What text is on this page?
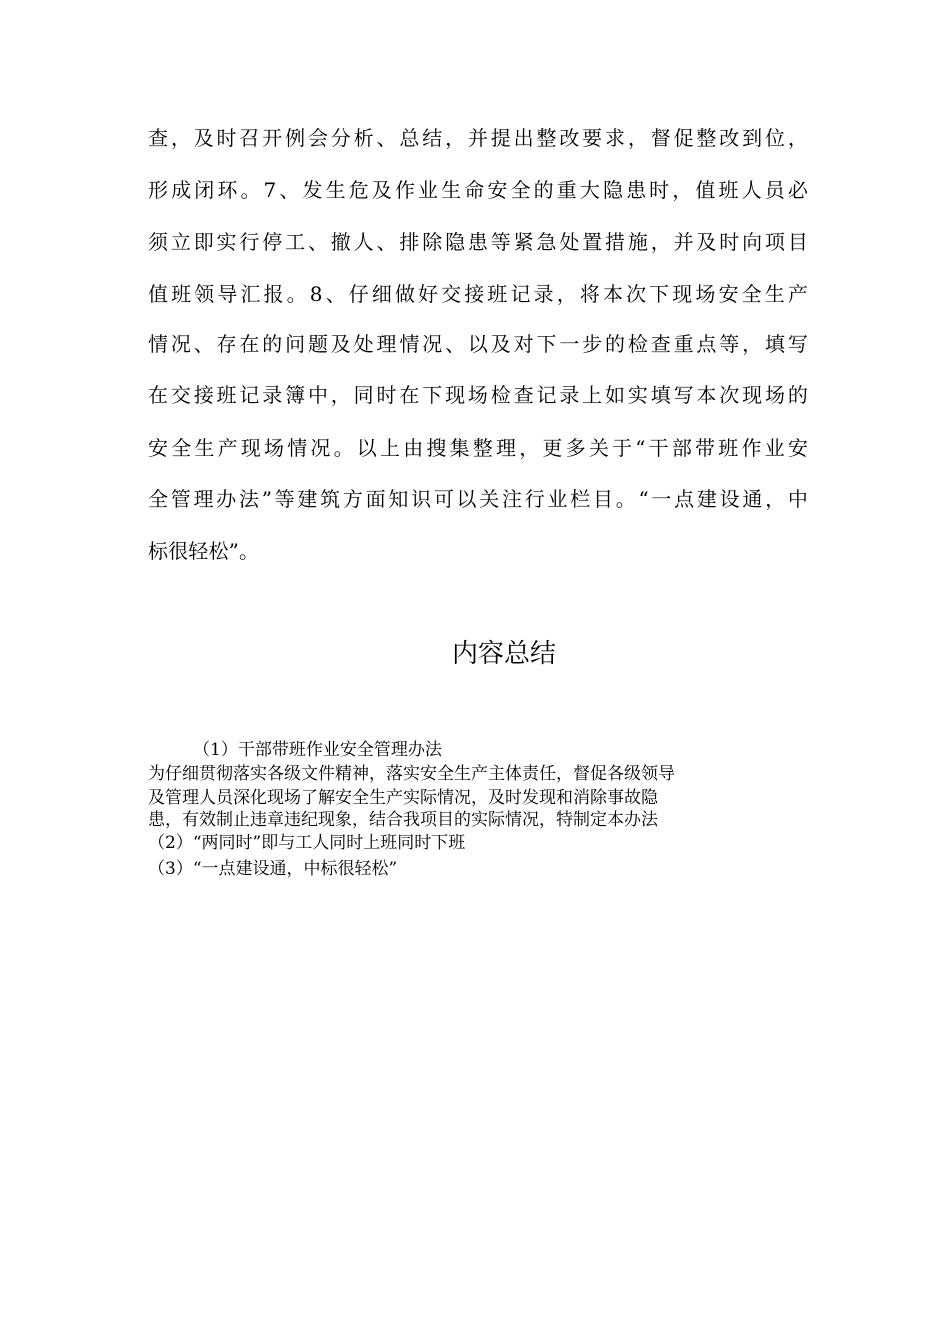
查，及时召开例会分析、总结，并提出整改要求，督促整改到位，
形成闭环。7、发生危及作业生命安全的重大隐患时，值班人员必
须立即实行停工、撤人、排除隐患等紧急处置措施，并及时向项目
值班领导汇报。8、仔细做好交接班记录，将本次下现场安全生产
情况、存在的问题及处理情况、以及对下一步的检查重点等，填写
在交接班记录簿中，同时在下现场检查记录上如实填写本次现场的
安全生产现场情况。以上由搜集整理，更多关于“干部带班作业安
全管理办法”等建筑方面知识可以关注行业栏目。“一点建设通，中
标很轻松”。
内容总结
（1）干部带班作业安全管理办法
为仔细贯彻落实各级文件精神，落实安全生产主体责任，督促各级领导
及管理人员深化现场了解安全生产实际情况，及时发现和消除事故隐
患，有效制止违章违纪现象，结合我项目的实际情况，特制定本办法
（2）“两同时”即与工人同时上班同时下班
（3）“一点建设通，中标很轻松”
